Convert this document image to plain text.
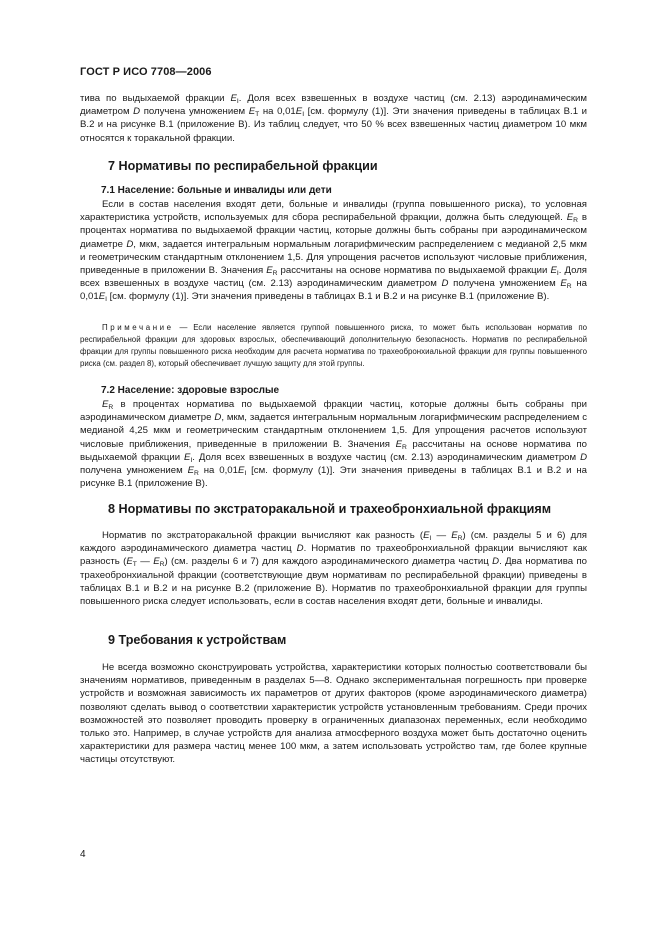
ГОСТ Р ИСО 7708—2006
тива по выдыхаемой фракции $E_I$. Доля всех взвешенных в воздухе частиц (см. 2.13) аэродинамическим диаметром D получена умножением $E_T$ на $0,01E_I$ [см. формулу (1)]. Эти значения приведены в таблицах В.1 и В.2 и на рисунке В.1 (приложение В). Из таблиц следует, что 50 % всех взвешенных частиц диаметром 10 мкм относятся к торакальной фракции.
7 Нормативы по респирабельной фракции
7.1 Население: больные и инвалиды или дети
Если в состав населения входят дети, больные и инвалиды (группа повышенного риска), то условная характеристика устройств, используемых для сбора респирабельной фракции, должна быть следующей. $E_R$ в процентах норматива по выдыхаемой фракции частиц, которые должны быть собраны при аэродинамическом диаметре D, мкм, задается интегральным нормальным логарифмическим распределением с медианой 2,5 мкм и геометрическим стандартным отклонением 1,5. Для упрощения расчетов используют числовые приближения, приведенные в приложении В. Значения $E_R$ рассчитаны на основе норматива по выдыхаемой фракции $E_I$. Доля всех взвешенных в воздухе частиц (см. 2.13) аэродинамическим диаметром D получена умножением $E_R$ на $0,01E_I$ [см. формулу (1)]. Эти значения приведены в таблицах В.1 и В.2 и на рисунке В.1 (приложение В).
Примечание — Если население является группой повышенного риска, то может быть использован норматив по респирабельной фракции для здоровых взрослых, обеспечивающий дополнительную безопасность. Норматив по респирабельной фракции для группы повышенного риска необходим для расчета норматива по трахеобронхиальной фракции для группы повышенного риска (см. раздел 8), который обеспечивает лучшую защиту для этой группы.
7.2 Население: здоровые взрослые
$E_R$ в процентах норматива по выдыхаемой фракции частиц, которые должны быть собраны при аэродинамическом диаметре D, мкм, задается интегральным нормальным логарифмическим распределением с медианой 4,25 мкм и геометрическим стандартным отклонением 1,5. Для упрощения расчетов используют числовые приближения, приведенные в приложении В. Значения $E_R$ рассчитаны на основе норматива по выдыхаемой фракции $E_I$. Доля всех взвешенных в воздухе частиц (см. 2.13) аэродинамическим диаметром D получена умножением $E_R$ на $0,01E_I$ [см. формулу (1)]. Эти значения приведены в таблицах В.1 и В.2 и на рисунке В.1 (приложение В).
8 Нормативы по экстраторакальной и трахеобронхиальной фракциям
Норматив по экстраторакальной фракции вычисляют как разность ($E_I$ — $E_R$) (см. разделы 5 и 6) для каждого аэродинамического диаметра частиц D. Норматив по трахеобронхиальной фракции вычисляют как разность ($E_T$ — $E_R$) (см. разделы 6 и 7) для каждого аэродинамического диаметра частиц D. Два норматива по трахеобронхиальной фракции (соответствующие двум нормативам по респирабельной фракции) приведены в таблицах В.1 и В.2 и на рисунке В.2 (приложение В). Норматив по трахеобронхиальной фракции для группы повышенного риска следует использовать, если в состав населения входят дети, больные и инвалиды.
9 Требования к устройствам
Не всегда возможно сконструировать устройства, характеристики которых полностью соответствовали бы значениям нормативов, приведенным в разделах 5—8. Однако экспериментальная погрешность при проверке устройств и возможная зависимость их параметров от других факторов (кроме аэродинамического диаметра) позволяют сделать вывод о соответствии характеристик устройств установленным требованиям. Среди прочих возможностей это позволяет проводить проверку в ограниченных диапазонах переменных, если необходимо только это. Например, в случае устройств для анализа атмосферного воздуха может быть достаточно оценить характеристики для размера частиц менее 100 мкм, а затем использовать устройство там, где более крупные частицы отсутствуют.
4
